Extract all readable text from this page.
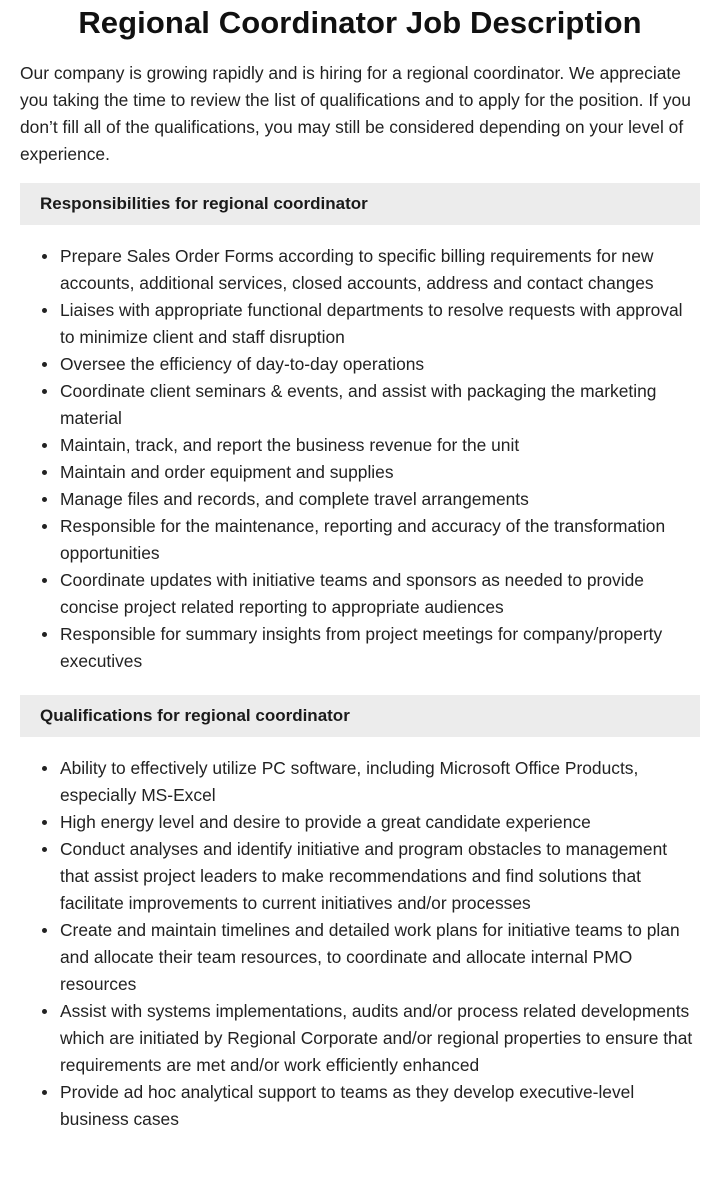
Regional Coordinator Job Description

Our company is growing rapidly and is hiring for a regional coordinator. We appreciate you taking the time to review the list of qualifications and to apply for the position. If you don’t fill all of the qualifications, you may still be considered depending on your level of experience.

Responsibilities for regional coordinator
Prepare Sales Order Forms according to specific billing requirements for new accounts, additional services, closed accounts, address and contact changes
Liaises with appropriate functional departments to resolve requests with approval to minimize client and staff disruption
Oversee the efficiency of day-to-day operations
Coordinate client seminars & events, and assist with packaging the marketing material
Maintain, track, and report the business revenue for the unit
Maintain and order equipment and supplies
Manage files and records, and complete travel arrangements
Responsible for the maintenance, reporting and accuracy of the transformation opportunities
Coordinate updates with initiative teams and sponsors as needed to provide concise project related reporting to appropriate audiences
Responsible for summary insights from project meetings for company/property executives
Qualifications for regional coordinator
Ability to effectively utilize PC software, including Microsoft Office Products, especially MS-Excel
High energy level and desire to provide a great candidate experience
Conduct analyses and identify initiative and program obstacles to management that assist project leaders to make recommendations and find solutions that facilitate improvements to current initiatives and/or processes
Create and maintain timelines and detailed work plans for initiative teams to plan and allocate their team resources, to coordinate and allocate internal PMO resources
Assist with systems implementations, audits and/or process related developments which are initiated by Regional Corporate and/or regional properties to ensure that requirements are met and/or work efficiently enhanced
Provide ad hoc analytical support to teams as they develop executive-level business cases
